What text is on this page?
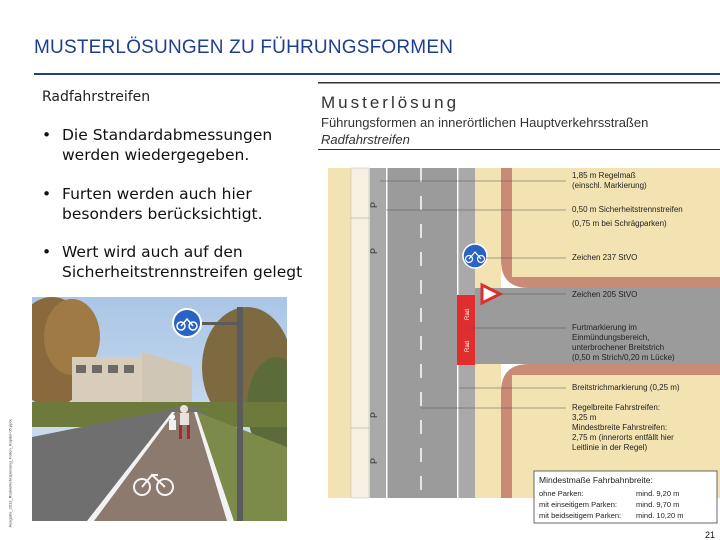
MUSTERLÖSUNGEN ZU FÜHRUNGSFORMEN
Radfahrstreifen
• Die Standardabmessungen
werden wiedergegeben.
• Furten werden auch hier
besonders berücksichtigt.
• Wert wird auch auf den
Sicherheitstrennstreifen gelegt
Ausgabe_2013_Radverkehrsplanung_Folien_Kapitel-05.pptx
Musterlösung
Führungsformen an innerörtlichen Hauptverkehrsstraßen
Radfahrstreifen
Rad
Rad
P
P
P
P
1,85 m Regelmaß
(einschl. Markierung)
0,50 m Sicherheitstrennstreifen
(0,75 m bei Schrägparken)
Zeichen 237 StVO
Zeichen 205 StVO
Furtmarkierung im
Einmündungsbereich,
unterbrochener Breitstrich
(0,50 m Strich/0,20 m Lücke)
Breitstrichmarkierung (0,25 m)
Regelbreite Fahrstreifen:
3,25 m
Mindestbreite Fahrstreifen:
2,75 m (innerorts entfällt hier
Leitlinie in der Regel)
Mindestmaße Fahrbahnbreite:
ohne Parken:	mind. 9,20 m
mit einseitigem Parken:	mind. 9,70 m
mit beidseitigem Parken: mind. 10,20 m
21
